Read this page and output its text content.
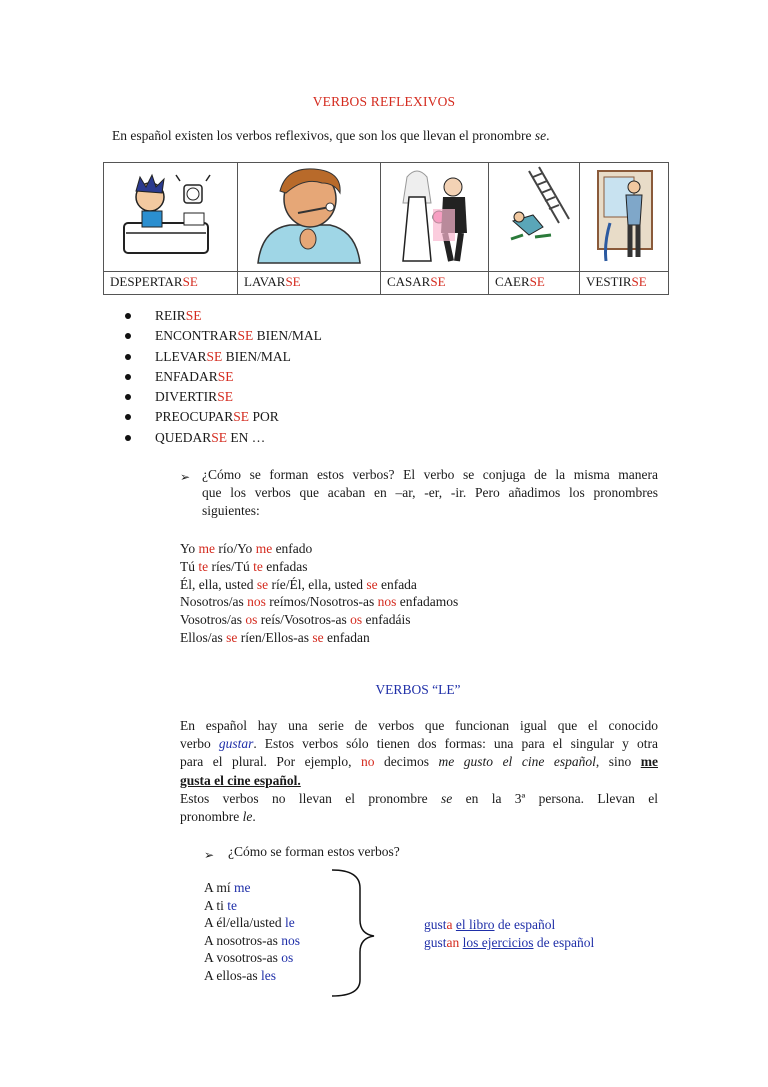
VERBOS REFLEXIVOS
En español existen los verbos reflexivos, que son los que llevan el pronombre se.

DESPERTARSE	LAVARSE	CASARSE	CAERSE	VESTIRSE
REIRSE
ENCONTRARSE BIEN/MAL
LLEVARSE BIEN/MAL
ENFADARSE
DIVERTIRSE
PREOCUPARSE POR
QUEDARSE EN …
➢ ¿Cómo se forman estos verbos? El verbo se conjuga de la misma manera
que los verbos que acaban en –ar, -er, -ir. Pero añadimos los pronombres
siguientes:
Yo me río/Yo me enfado
Tú te ríes/Tú te enfadas
Él, ella, usted se ríe/Él, ella, usted se enfada
Nosotros/as nos reímos/Nosotros-as nos enfadamos
Vosotros/as os reís/Vosotros-as os enfadáis
Ellos/as se ríen/Ellos-as se enfadan
VERBOS “LE”
En español hay una serie de verbos que funcionan igual que el conocido
verbo gustar. Estos verbos sólo tienen dos formas: una para el singular y otra
para el plural. Por ejemplo, no decimos me gusto el cine español, sino me
gusta el cine español.
Estos verbos no llevan el pronombre se en la 3ª persona. Llevan el
pronombre le.
➢ ¿Cómo se forman estos verbos?
A mí me
A ti te
A él/ella/usted le
A nosotros-as nos
A vosotros-as os
A ellos-as les
gusta el libro de español
gustan los ejercicios de español
